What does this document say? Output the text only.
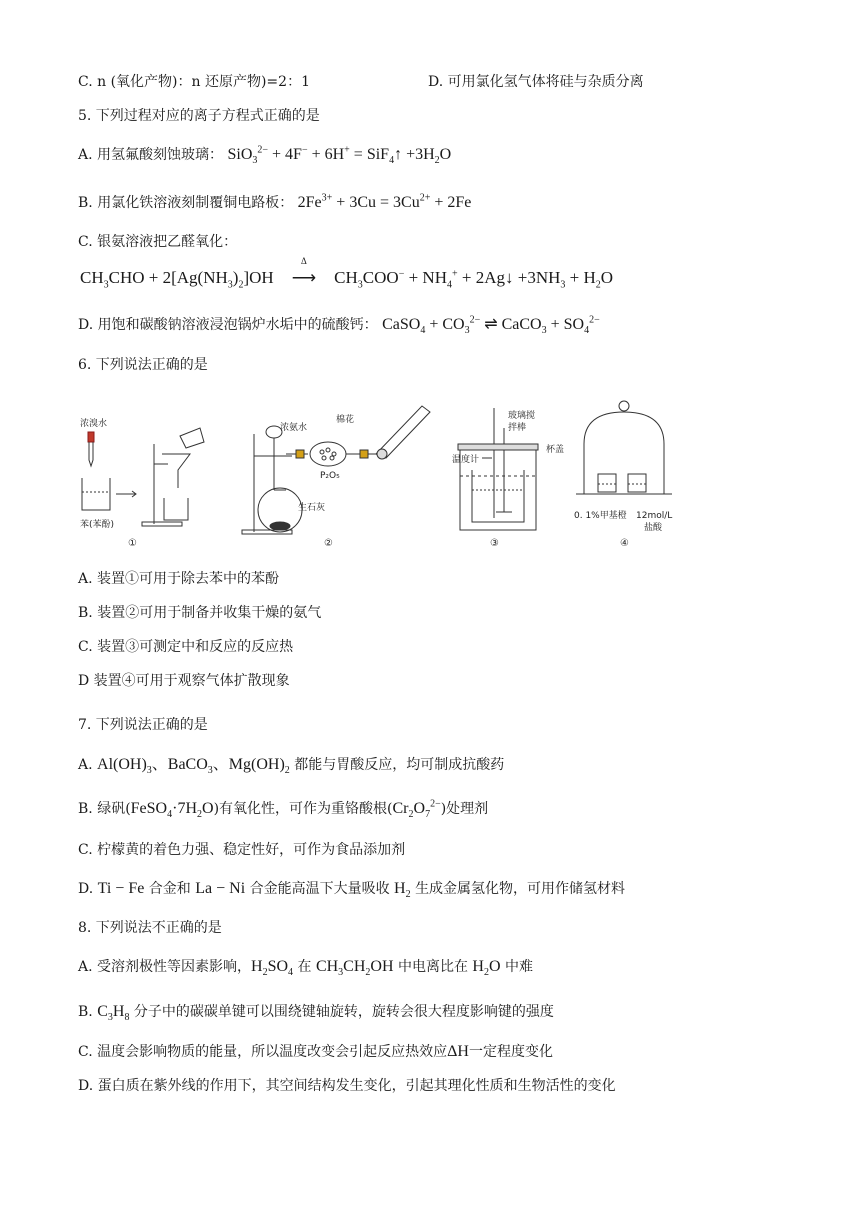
C. n (氧化产物)：n 还原产物)=2：1	D. 可用氯化氢气体将硅与杂质分离
5. 下列过程对应的离子方程式正确的是
A. 用氢氟酸刻蚀玻璃： SiO$_3^{2-}$ + 4F− + 6H+ = SiF$_4$↑ $+3H_2O$
B. 用氯化铁溶液刻制覆铜电路板： $2Fe^{3+} + 3Cu = 3Cu^{2+} + 2Fe$
C. 银氨溶液把乙醛氧化：
$CH_3CHO + 2[Ag(NH_3)_2]OH$
Δ
⟶ $CH_3COO^- + NH_4^+$ + 2Ag↓ $+3NH_3 + H_2O$
D. 用饱和碳酸钠溶液浸泡锅炉水垢中的硫酸钙： CaSO$_4$ + $CO_3^{2-}$ ⇌ CaCO$_3$ + $SO_4^{2-}$
6. 下列说法正确的是
浓溴水
苯(苯酚)
①
浓氨水
生石灰
P₂O₅
棉花
温度计
玻璃搅
拌棒
杯盖
③
0. 1%甲基橙 12mol/L
盐酸
④
②
A. 装置①可用于除去苯中的苯酚
B. 装置②可用于制备并收集干燥的氨气
C. 装置③可测定中和反应的反应热
D 装置④可用于观察气体扩散现象
7. 下列说法正确的是
A. $Al(OH)_3$、BaCO$_3$、$Mg(OH)_2$ 都能与胃酸反应，均可制成抗酸药
B. 绿矾$(FeSO_4\cdot 7H_2O)$有氧化性，可作为重铬酸根$(Cr_2O_7^{2-})$处理剂
C. 柠檬黄的着色力强、稳定性好，可作为食品添加剂
D. Ti − Fe 合金和 La − Ni 合金能高温下大量吸收 $H_2$ 生成金属氢化物，可用作储氢材料
8. 下列说法不正确的是
A. 受溶剂极性等因素影响，$H_2SO_4$ 在 $CH_3CH_2OH$ 中电离比在 $H_2O$ 中难
B. $C_3H_8$ 分子中的碳碳单键可以围绕键轴旋转，旋转会很大程度影响键的强度
C. 温度会影响物质的能量，所以温度改变会引起反应热效应ΔH一定程度变化
D. 蛋白质在紫外线的作用下，其空间结构发生变化，引起其理化性质和生物活性的变化
